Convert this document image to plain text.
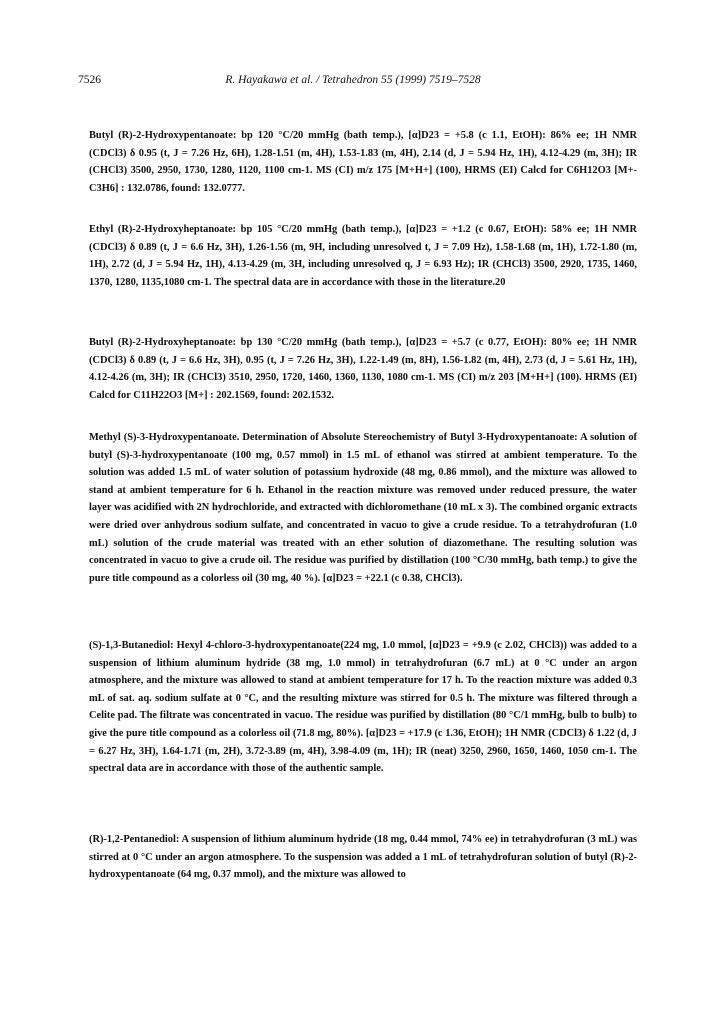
7526	R. Hayakawa et al. / Tetrahedron 55 (1999) 7519–7528

Butyl (R)-2-Hydroxypentanoate: bp 120 °C/20 mmHg (bath temp.), [α]D23 = +5.8 (c 1.1, EtOH): 86% ee; 1H NMR (CDCl3) δ 0.95 (t, J = 7.26 Hz, 6H), 1.28-1.51 (m, 4H), 1.53-1.83 (m, 4H), 2.14 (d, J = 5.94 Hz, 1H), 4.12-4.29 (m, 3H); IR (CHCl3) 3500, 2950, 1730, 1280, 1120, 1100 cm-1. MS (CI) m/z 175 [M+H+] (100), HRMS (EI) Calcd for C6H12O3 [M+-C3H6] : 132.0786, found: 132.0777.

Ethyl (R)-2-Hydroxyheptanoate: bp 105 °C/20 mmHg (bath temp.), [α]D23 = +1.2 (c 0.67, EtOH): 58% ee; 1H NMR (CDCl3) δ 0.89 (t, J = 6.6 Hz, 3H), 1.26-1.56 (m, 9H, including unresolved t, J = 7.09 Hz), 1.58-1.68 (m, 1H), 1.72-1.80 (m, 1H), 2.72 (d, J = 5.94 Hz, 1H), 4.13-4.29 (m, 3H, including unresolved q, J = 6.93 Hz); IR (CHCl3) 3500, 2920, 1735, 1460, 1370, 1280, 1135,1080 cm-1. The spectral data are in accordance with those in the literature.20

Butyl (R)-2-Hydroxyheptanoate: bp 130 °C/20 mmHg (bath temp.), [α]D23 = +5.7 (c 0.77, EtOH): 80% ee; 1H NMR (CDCl3) δ 0.89 (t, J = 6.6 Hz, 3H), 0.95 (t, J = 7.26 Hz, 3H), 1.22-1.49 (m, 8H), 1.56-1.82 (m, 4H), 2.73 (d, J = 5.61 Hz, 1H), 4.12-4.26 (m, 3H); IR (CHCl3) 3510, 2950, 1720, 1460, 1360, 1130, 1080 cm-1. MS (CI) m/z 203 [M+H+] (100). HRMS (EI) Calcd for C11H22O3 [M+] : 202.1569, found: 202.1532.

Methyl (S)-3-Hydroxypentanoate. Determination of Absolute Stereochemistry of Butyl 3-Hydroxypentanoate: A solution of butyl (S)-3-hydroxypentanoate (100 mg, 0.57 mmol) in 1.5 mL of ethanol was stirred at ambient temperature. To the solution was added 1.5 mL of water solution of potassium hydroxide (48 mg, 0.86 mmol), and the mixture was allowed to stand at ambient temperature for 6 h. Ethanol in the reaction mixture was removed under reduced pressure, the water layer was acidified with 2N hydrochloride, and extracted with dichloromethane (10 mL x 3). The combined organic extracts were dried over anhydrous sodium sulfate, and concentrated in vacuo to give a crude residue. To a tetrahydrofuran (1.0 mL) solution of the crude material was treated with an ether solution of diazomethane. The resulting solution was concentrated in vacuo to give a crude oil. The residue was purified by distillation (100 °C/30 mmHg, bath temp.) to give the pure title compound as a colorless oil (30 mg, 40 %). [α]D23 = +22.1 (c 0.38, CHCl3).

(S)-1,3-Butanediol: Hexyl 4-chloro-3-hydroxypentanoate(224 mg, 1.0 mmol, [α]D23 = +9.9 (c 2.02, CHCl3)) was added to a suspension of lithium aluminum hydride (38 mg, 1.0 mmol) in tetrahydrofuran (6.7 mL) at 0 °C under an argon atmosphere, and the mixture was allowed to stand at ambient temperature for 17 h. To the reaction mixture was added 0.3 mL of sat. aq. sodium sulfate at 0 °C, and the resulting mixture was stirred for 0.5 h. The mixture was filtered through a Celite pad. The filtrate was concentrated in vacuo. The residue was purified by distillation (80 °C/1 mmHg, bulb to bulb) to give the pure title compound as a colorless oil (71.8 mg, 80%). [α]D23 = +17.9 (c 1.36, EtOH); 1H NMR (CDCl3) δ 1.22 (d, J = 6.27 Hz, 3H), 1.64-1.71 (m, 2H), 3.72-3.89 (m, 4H), 3.98-4.09 (m, 1H); IR (neat) 3250, 2960, 1650, 1460, 1050 cm-1. The spectral data are in accordance with those of the authentic sample.

(R)-1,2-Pentanediol: A suspension of lithium aluminum hydride (18 mg, 0.44 mmol, 74% ee) in tetrahydrofuran (3 mL) was stirred at 0 °C under an argon atmosphere. To the suspension was added a 1 mL of tetrahydrofuran solution of butyl (R)-2-hydroxypentanoate (64 mg, 0.37 mmol), and the mixture was allowed to
